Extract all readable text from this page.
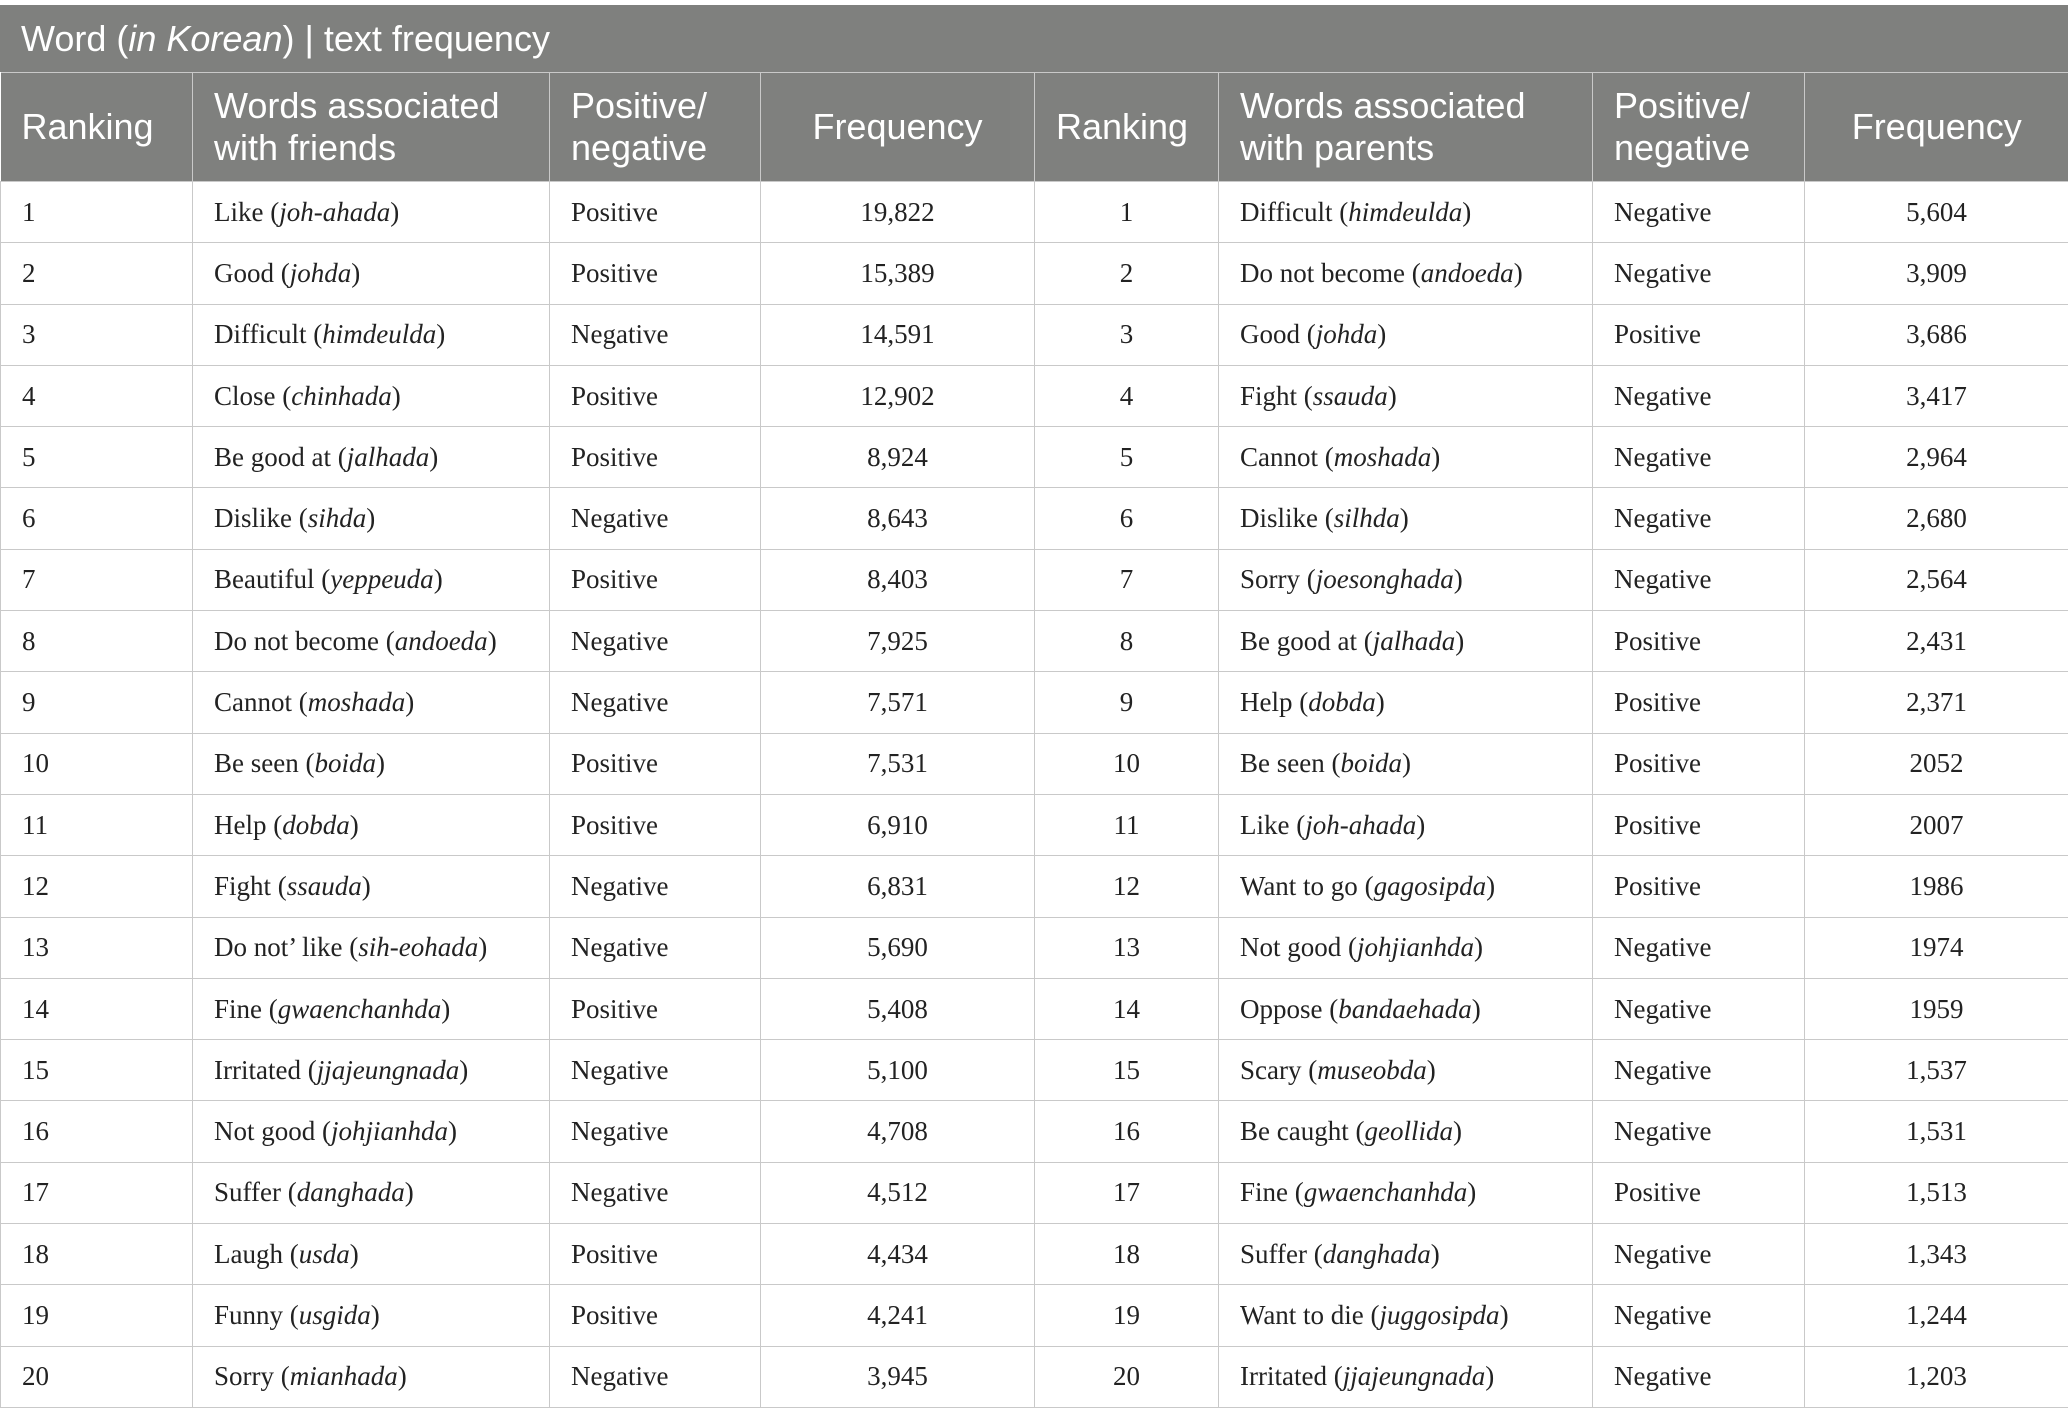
Word (in Korean) | text frequency
Ranking	Words associated with friends	Positive/ negative	Frequency	Ranking	Words associated with parents	Positive/ negative	Frequency
1	Like (joh-ahada)	Positive	19,822	1	Difficult (himdeulda)	Negative	5,604
2	Good (johda)	Positive	15,389	2	Do not become (andoeda)	Negative	3,909
3	Difficult (himdeulda)	Negative	14,591	3	Good (johda)	Positive	3,686
4	Close (chinhada)	Positive	12,902	4	Fight (ssauda)	Negative	3,417
5	Be good at (jalhada)	Positive	8,924	5	Cannot (moshada)	Negative	2,964
6	Dislike (sihda)	Negative	8,643	6	Dislike (silhda)	Negative	2,680
7	Beautiful (yeppeuda)	Positive	8,403	7	Sorry (joesonghada)	Negative	2,564
8	Do not become (andoeda)	Negative	7,925	8	Be good at (jalhada)	Positive	2,431
9	Cannot (moshada)	Negative	7,571	9	Help (dobda)	Positive	2,371
10	Be seen (boida)	Positive	7,531	10	Be seen (boida)	Positive	2052
11	Help (dobda)	Positive	6,910	11	Like (joh-ahada)	Positive	2007
12	Fight (ssauda)	Negative	6,831	12	Want to go (gagosipda)	Positive	1986
13	Do not’ like (sih-eohada)	Negative	5,690	13	Not good (johjianhda)	Negative	1974
14	Fine (gwaenchanhda)	Positive	5,408	14	Oppose (bandaehada)	Negative	1959
15	Irritated (jjajeungnada)	Negative	5,100	15	Scary (museobda)	Negative	1,537
16	Not good (johjianhda)	Negative	4,708	16	Be caught (geollida)	Negative	1,531
17	Suffer (danghada)	Negative	4,512	17	Fine (gwaenchanhda)	Positive	1,513
18	Laugh (usda)	Positive	4,434	18	Suffer (danghada)	Negative	1,343
19	Funny (usgida)	Positive	4,241	19	Want to die (juggosipda)	Negative	1,244
20	Sorry (mianhada)	Negative	3,945	20	Irritated (jjajeungnada)	Negative	1,203
